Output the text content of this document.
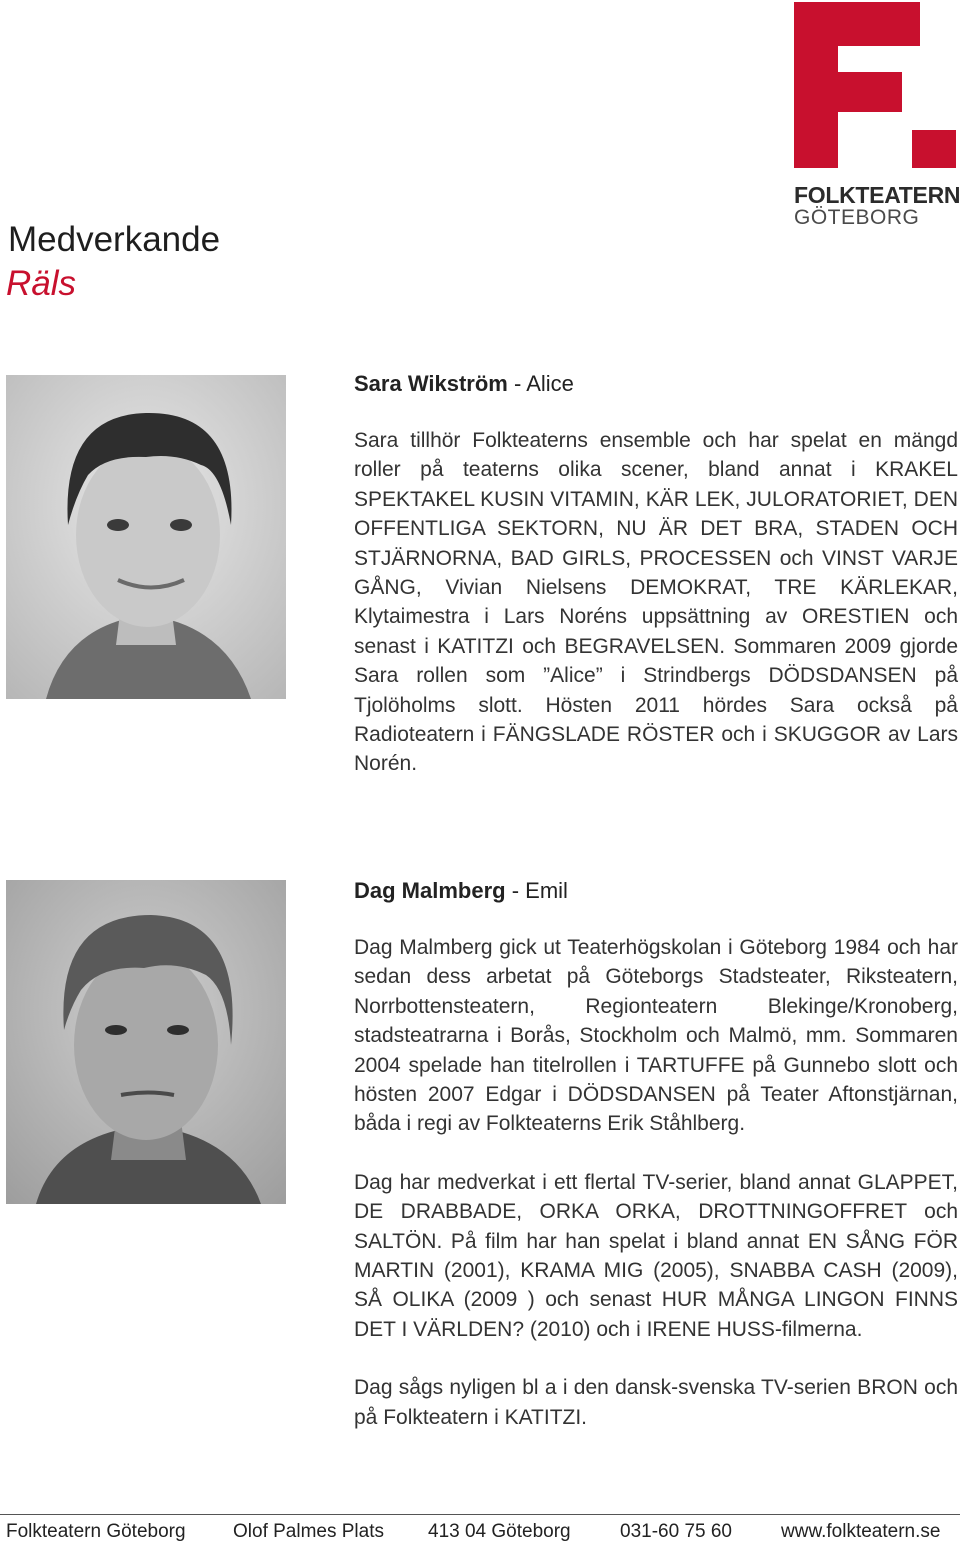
FOLKTEATERN
GÖTEBORG
Medverkande
Räls
Sara Wikström - Alice

Sara tillhör Folkteaterns ensemble och har spelat en mängd roller på teaterns olika scener, bland annat i KRAKEL SPEKTAKEL KUSIN VITAMIN, KÄR LEK, JULORATORIET, DEN OFFENTLIGA SEKTORN, NU ÄR DET BRA, STADEN OCH STJÄRNORNA, BAD GIRLS, PROCESSEN och VINST VARJE GÅNG, Vivian Nielsens DEMOKRAT, TRE KÄRLEKAR, Klytaimestra i Lars Noréns uppsättning av ORESTIEN och senast i KATITZI och BEGRAVELSEN. Sommaren 2009 gjorde Sara rollen som ”Alice” i Strindbergs DÖDSDANSEN på Tjolöholms slott. Hösten 2011 hördes Sara också på Radioteatern i FÄNGSLADE RÖSTER och i SKUGGOR av Lars Norén.

Dag Malmberg - Emil

Dag Malmberg gick ut Teaterhögskolan i Göteborg 1984 och har sedan dess arbetat på Göteborgs Stadsteater, Riksteatern, Norrbottensteatern, Regionteatern Blekinge/Kronoberg, stadsteatrarna i Borås, Stockholm och Malmö, mm. Sommaren 2004 spelade han titelrollen i TARTUFFE på Gunnebo slott och hösten 2007 Edgar i DÖDSDANSEN på Teater Aftonstjärnan, båda i regi av Folkteaterns Erik Ståhlberg.

Dag har medverkat i ett flertal TV-serier, bland annat GLAPPET, DE DRABBADE, ORKA ORKA, DROTTNINGOFFRET och SALTÖN. På film har han spelat i bland annat EN SÅNG FÖR MARTIN (2001), KRAMA MIG (2005), SNABBA CASH (2009), SÅ OLIKA (2009 ) och senast HUR MÅNGA LINGON FINNS DET I VÄRLDEN? (2010) och i IRENE HUSS-filmerna.

Dag sågs nyligen bl a i den dansk-svenska TV-serien BRON och på Folkteatern i KATITZI.

Folkteatern Göteborg Olof Palmes Plats 413 04 Göteborg	031-60 75 60	www.folkteatern.se
